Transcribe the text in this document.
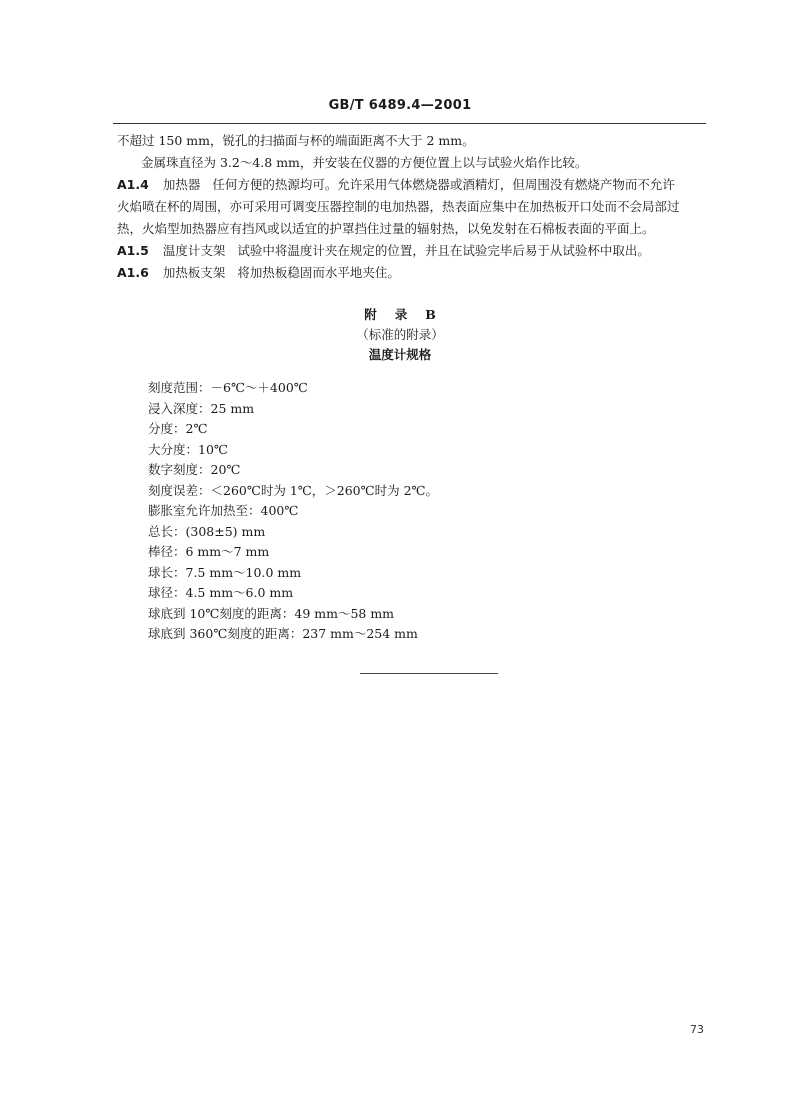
GB/T 6489.4—2001

不超过 150 mm，锐孔的扫描面与杯的端面距离不大于 2 mm。

金属珠直径为 3.2～4.8 mm，并安装在仪器的方便位置上以与试验火焰作比较。

A1.4 加热器 任何方便的热源均可。允许采用气体燃烧器或酒精灯，但周围没有燃烧产物而不允许

火焰喷在杯的周围，亦可采用可调变压器控制的电加热器，热表面应集中在加热板开口处而不会局部过

热，火焰型加热器应有挡风或以适宜的护罩挡住过量的辐射热，以免发射在石棉板表面的平面上。

A1.5 温度计支架 试验中将温度计夹在规定的位置，并且在试验完毕后易于从试验杯中取出。

A1.6 加热板支架 将加热板稳固而水平地夹住。

附录B
（标准的附录）
温度计规格

刻度范围：－6℃～＋400℃

浸入深度：25 mm

分度：2℃

大分度：10℃

数字刻度：20℃

刻度误差：＜260℃时为 1℃，＞260℃时为 2℃。

膨胀室允许加热至：400℃

总长：(308±5) mm

棒径：6 mm～7 mm

球长：7.5 mm～10.0 mm

球径：4.5 mm～6.0 mm

球底到 10℃刻度的距离：49 mm～58 mm

球底到 360℃刻度的距离：237 mm～254 mm

73
